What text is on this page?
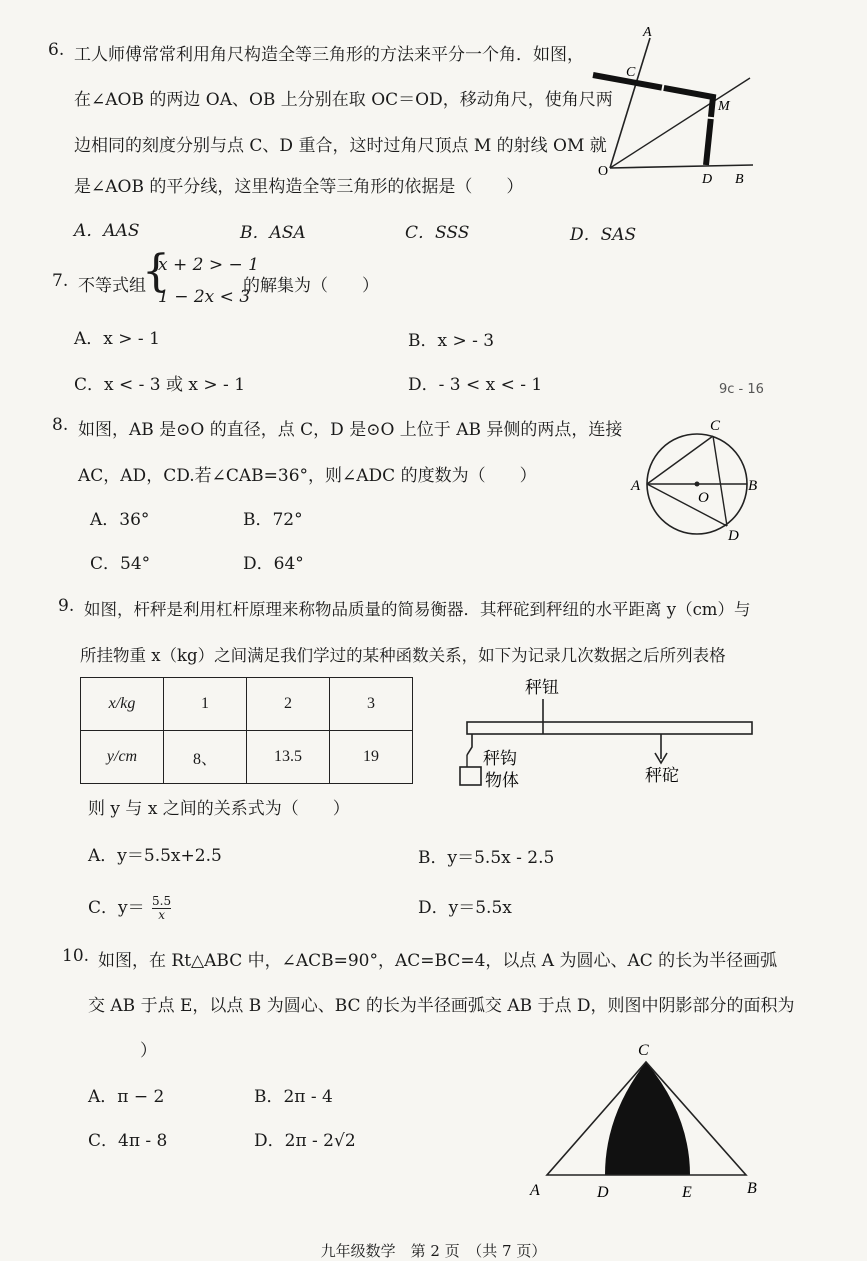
6. 工人师傅常常利用角尺构造全等三角形的方法来平分一个角．如图，
在∠AOB 的两边 OA、OB 上分别在取 OC＝OD，移动角尺，使角尺两
边相同的刻度分别与点 C、D 重合，这时过角尺顶点 M 的射线 OM 就
是∠AOB 的平分线，这里构造全等三角形的依据是（　　）
A．AAS	B．ASA	C．SSS	D．SAS
A
C
M
O
D B
7. 不等式组
{
x + 2 > − 1
1 − 2x < 3
的解集为（　　）
A．x > - 1	B．x > - 3
C．x < - 3 或 x > - 1	D．- 3 < x < - 1	9c - 16
8. 如图，AB 是⊙O 的直径，点 C，D 是⊙O 上位于 AB 异侧的两点，连接
AC，AD，CD.若∠CAB=36°，则∠ADC 的度数为（　　）
A．36°	B．72°
C．54°	D．64°
C
A
O
B
D
9. 如图，杆秤是利用杠杆原理来称物品质量的简易衡器．其秤砣到秤纽的水平距离 y（cm）与
所挂物重 x（kg）之间满足我们学过的某种函数关系，如下为记录几次数据之后所列表格
x/kg	1	2	3
y/cm	8、	13.5	19
秤钮
秤钩
物体	秤砣
则 y 与 x 之间的关系式为（　　）
A．y＝5.5x+2.5	B．y＝5.5x - 2.5
C．$y= \frac{5.5}{x}$	D．y＝5.5x
10. 如图，在 Rt△ABC 中，∠ACB=90°，AC=BC=4，以点 A 为圆心、AC 的长为半径画弧
交 AB 于点 E，以点 B 为圆心、BC 的长为半径画弧交 AB 于点 D，则图中阴影部分的面积为
）
A．π − 2	B．2π - 4
C．4π - 8	D．2π - 2√2
C
A	D	E	B
九年级数学　第 2 页　（共 7 页）
